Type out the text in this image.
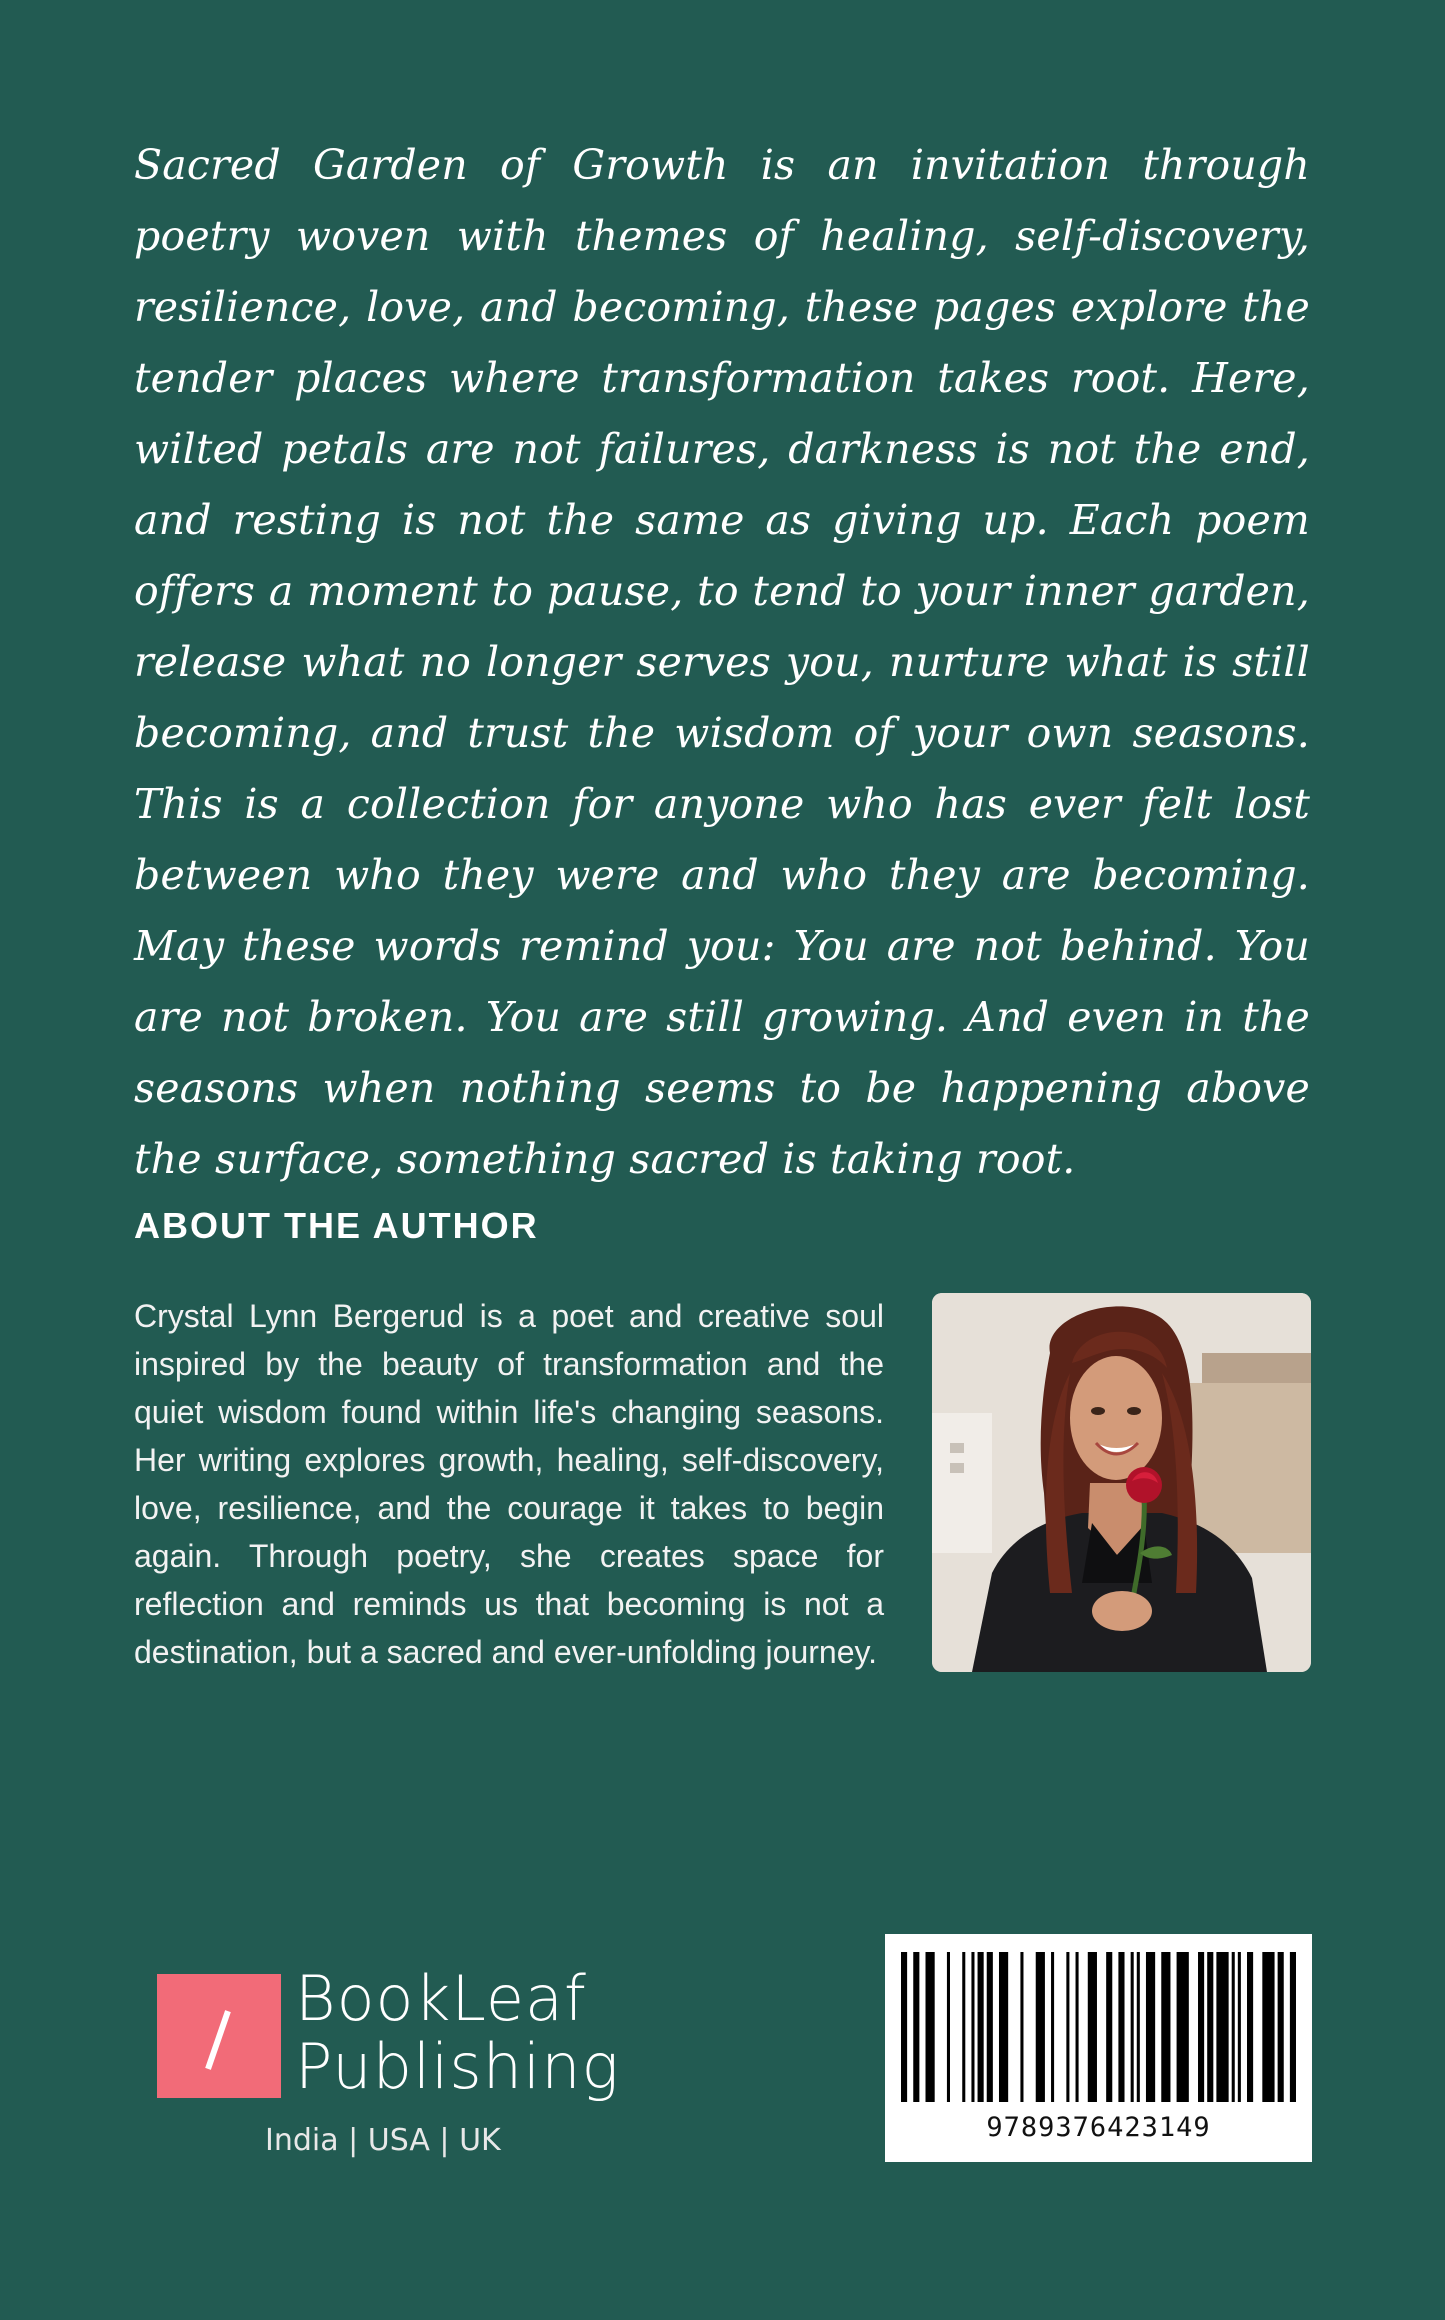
Sacred Garden of Growth is an invitation through poetry woven with themes of healing, self-discovery, resilience, love, and becoming, these pages explore the tender places where transformation takes root. Here, wilted petals are not failures, darkness is not the end, and resting is not the same as giving up. Each poem offers a moment to pause, to tend to your inner garden, release what no longer serves you, nurture what is still becoming, and trust the wisdom of your own seasons. This is a collection for anyone who has ever felt lost between who they were and who they are becoming. May these words remind you: You are not behind. You are not broken. You are still growing. And even in the seasons when nothing seems to be happening above the surface, something sacred is taking root.

ABOUT THE AUTHOR

Crystal Lynn Bergerud is a poet and creative soul inspired by the beauty of transformation and the quiet wisdom found within life's changing seasons. Her writing explores growth, healing, self-discovery, love, resilience, and the courage it takes to begin again. Through poetry, she creates space for reflection and reminds us that becoming is not a destination, but a sacred and ever-unfolding journey.

BookLeaf
Publishing
India | USA | UK	9789376423149
